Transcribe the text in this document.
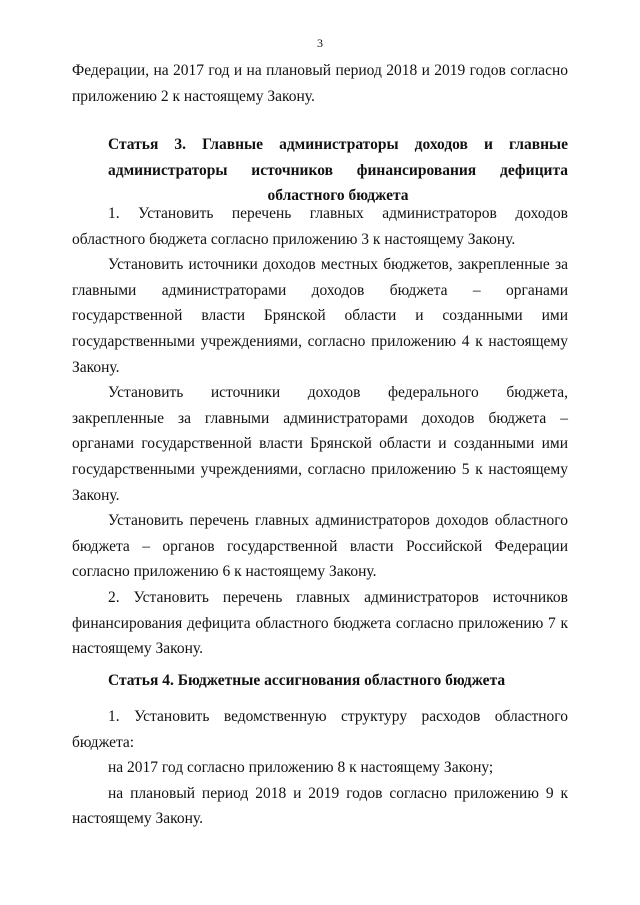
3

Федерации, на 2017 год и на плановый период 2018 и 2019 годов согласно

приложению 2 к настоящему Закону.

Статья 3. Главные администраторы доходов и главные
администраторы источников финансирования дефицита областного бюджета

1. Установить перечень главных администраторов доходов областного бюджета согласно приложению 3 к настоящему Закону.

Установить источники доходов местных бюджетов, закрепленные за главными администраторами доходов бюджета – органами государственной власти Брянской области и созданными ими государственными учреждениями, согласно приложению 4 к настоящему Закону.

Установить источники доходов федерального бюджета, закрепленные за главными администраторами доходов бюджета – органами государственной власти Брянской области и созданными ими государственными учреждениями, согласно приложению 5 к настоящему Закону.

Установить перечень главных администраторов доходов областного бюджета – органов государственной власти Российской Федерации согласно приложению 6 к настоящему Закону.

2. Установить перечень главных администраторов источников финансирования дефицита областного бюджета согласно приложению 7 к настоящему Закону.

Статья 4. Бюджетные ассигнования областного бюджета

1. Установить ведомственную структуру расходов областного бюджета:

на 2017 год согласно приложению 8 к настоящему Закону;

на плановый период 2018 и 2019 годов согласно приложению 9 к настоящему Закону.
